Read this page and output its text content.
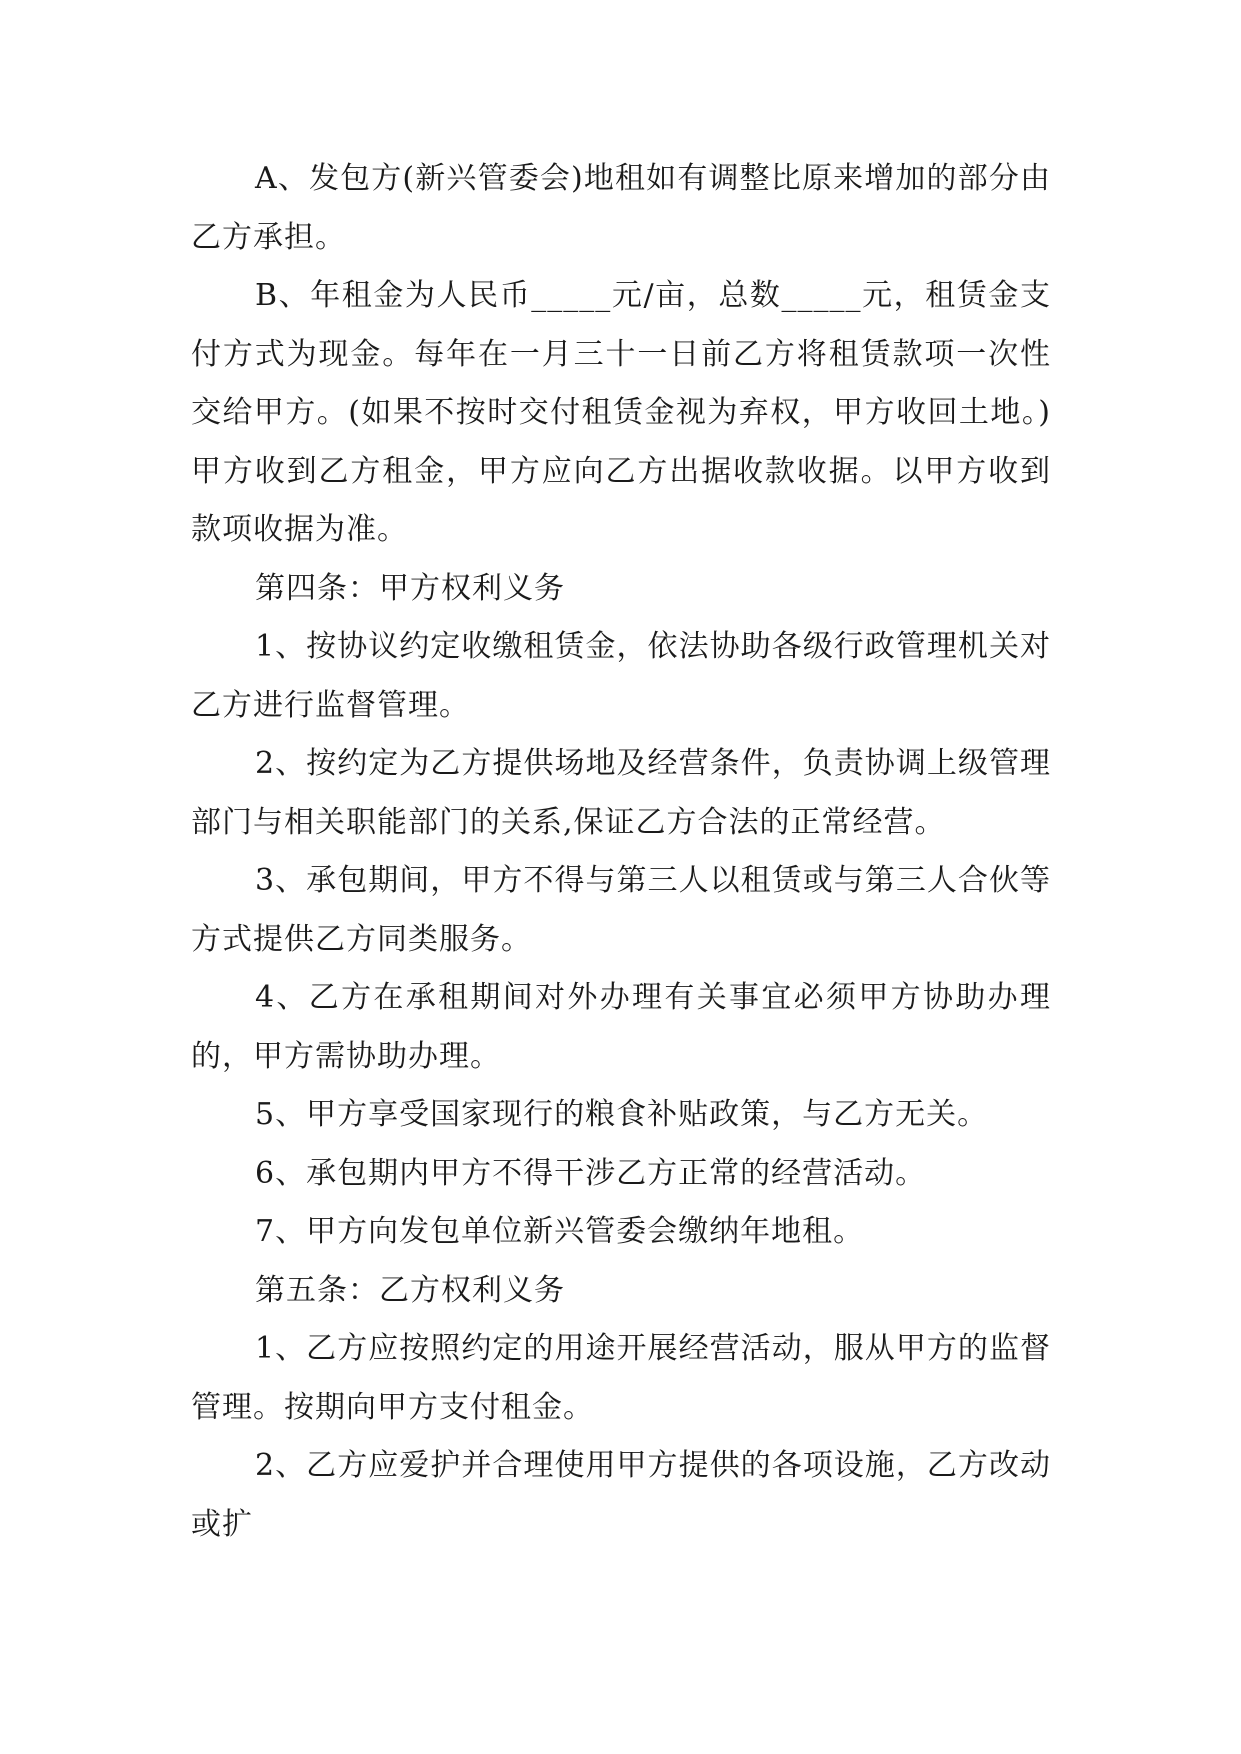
A、发包方(新兴管委会)地租如有调整比原来增加的部分由乙方承担。

B、年租金为人民币_____元/亩，总数_____元，租赁金支付方式为现金。每年在一月三十一日前乙方将租赁款项一次性交给甲方。(如果不按时交付租赁金视为弃权，甲方收回土地。)甲方收到乙方租金，甲方应向乙方出据收款收据。以甲方收到款项收据为准。

第四条：甲方权利义务

1、按协议约定收缴租赁金，依法协助各级行政管理机关对乙方进行监督管理。

2、按约定为乙方提供场地及经营条件，负责协调上级管理部门与相关职能部门的关系,保证乙方合法的正常经营。

3、承包期间，甲方不得与第三人以租赁或与第三人合伙等方式提供乙方同类服务。

4、乙方在承租期间对外办理有关事宜必须甲方协助办理的，甲方需协助办理。

5、甲方享受国家现行的粮食补贴政策，与乙方无关。

6、承包期内甲方不得干涉乙方正常的经营活动。

7、甲方向发包单位新兴管委会缴纳年地租。

第五条：乙方权利义务

1、乙方应按照约定的用途开展经营活动，服从甲方的监督管理。按期向甲方支付租金。

2、乙方应爱护并合理使用甲方提供的各项设施，乙方改动或扩
